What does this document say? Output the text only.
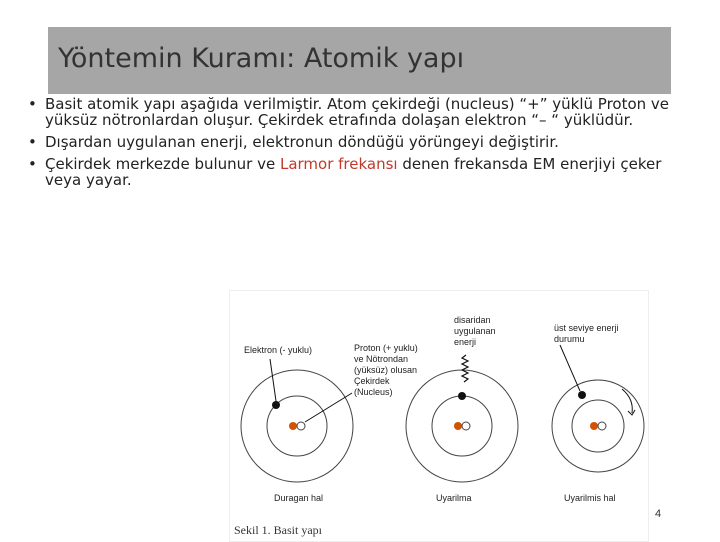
Yöntemin Kuramı: Atomik yapı
• Basit atomik yapı aşağıda verilmiştir. Atom çekirdeği (nucleus) “+” yüklü Proton ve yüksüz nötronlardan oluşur. Çekirdek etrafında dolaşan elektron “– “ yüklüdür.
• Dışardan uygulanan enerji, elektronun döndüğü yörüngeyi değiştirir.
• Çekirdek merkezde bulunur ve Larmor frekansı denen frekansda EM enerjiyi çeker veya yayar.
Elektron (- yuklu)	Proton (+ yuklu)
ve Nötrondan
(yüksüz) olusan
Çekirdek
(Nucleus)
disaridan
uygulanan
enerji
üst seviye enerji
durumu
Duragan hal	Uyarilma	Uyarilmis hal
Sekil 1. Basit yapı
4
